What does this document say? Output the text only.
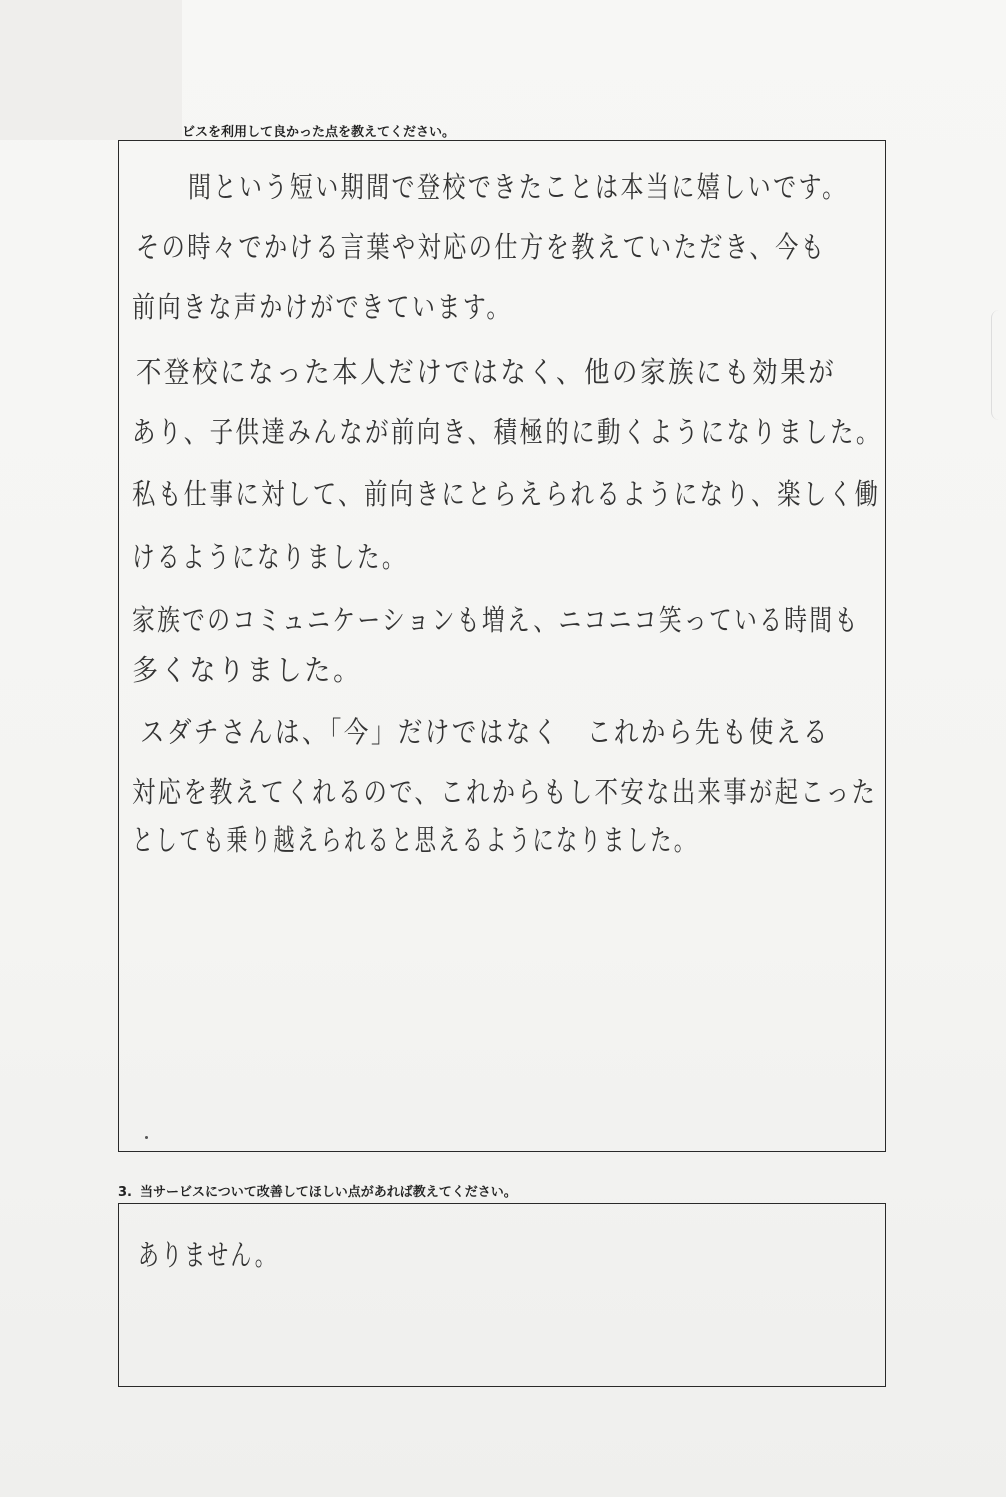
ビスを利用して良かった点を教えてください。
間という短い期間で登校できたことは本当に嬉しいです。
その時々でかける言葉や対応の仕方を教えていただき、今も
前向きな声かけができています。
不登校になった本人だけではなく、他の家族にも効果が
あり、子供達みんなが前向き、積極的に動くようになりました。
私も仕事に対して、前向きにとらえられるようになり、楽しく働
けるようになりました。
家族でのコミュニケーションも増え、ニコニコ笑っている時間も
多くなりました。
スダチさんは、「今」だけではなく　これから先も使える
対応を教えてくれるので、これからもし不安な出来事が起こった
としても乗り越えられると思えるようになりました。
3. 当サービスについて改善してほしい点があれば教えてください。
ありません。
